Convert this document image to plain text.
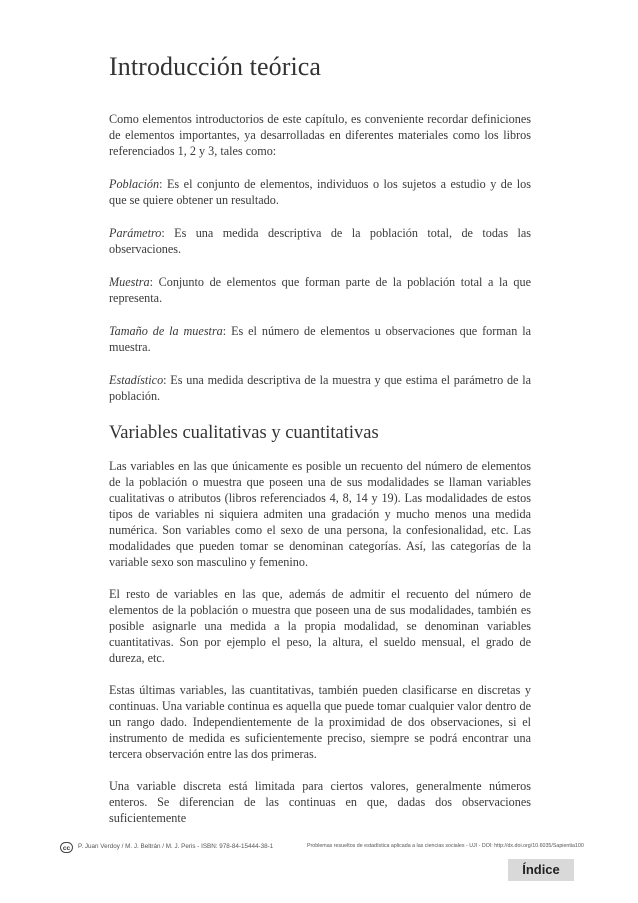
Introducción teórica

Como elementos introductorios de este capítulo, es conveniente recordar definiciones de elementos importantes, ya desarrolladas en diferentes materiales como los libros referenciados 1, 2 y 3, tales como:

Población: Es el conjunto de elementos, individuos o los sujetos a estudio y de los que se quiere obtener un resultado.

Parámetro: Es una medida descriptiva de la población total, de todas las observaciones.

Muestra: Conjunto de elementos que forman parte de la población total a la que representa.

Tamaño de la muestra: Es el número de elementos u observaciones que forman la muestra.

Estadístico: Es una medida descriptiva de la muestra y que estima el parámetro de la población.

Variables cualitativas y cuantitativas

Las variables en las que únicamente es posible un recuento del número de elementos de la población o muestra que poseen una de sus modalidades se llaman variables cualitativas o atributos (libros referenciados 4, 8, 14 y 19). Las modalidades de estos tipos de variables ni siquiera admiten una gradación y mucho menos una medida numérica. Son variables como el sexo de una persona, la confesionalidad, etc. Las modalidades que pueden tomar se denominan categorías. Así, las categorías de la variable sexo son masculino y femenino.

El resto de variables en las que, además de admitir el recuento del número de elementos de la población o muestra que poseen una de sus modalidades, también es posible asignarle una medida a la propia modalidad, se denominan variables cuantitativas. Son por ejemplo el peso, la altura, el sueldo mensual, el grado de dureza, etc.

Estas últimas variables, las cuantitativas, también pueden clasificarse en discretas y continuas. Una variable continua es aquella que puede tomar cualquier valor dentro de un rango dado. Independientemente de la proximidad de dos observaciones, si el instrumento de medida es suficientemente preciso, siempre se podrá encontrar una tercera observación entre las dos primeras.

Una variable discreta está limitada para ciertos valores, generalmente números enteros. Se diferencian de las continuas en que, dadas dos observaciones suficientemente

cc	P. Juan Verdoy / M. J. Beltrán / M. J. Peris - ISBN: 978-84-15444-38-1	Problemas resueltos de estadística aplicada a las ciencias sociales - UJI - DOI: http://dx.doi.org/10.6035/Sapientia100
Índice
